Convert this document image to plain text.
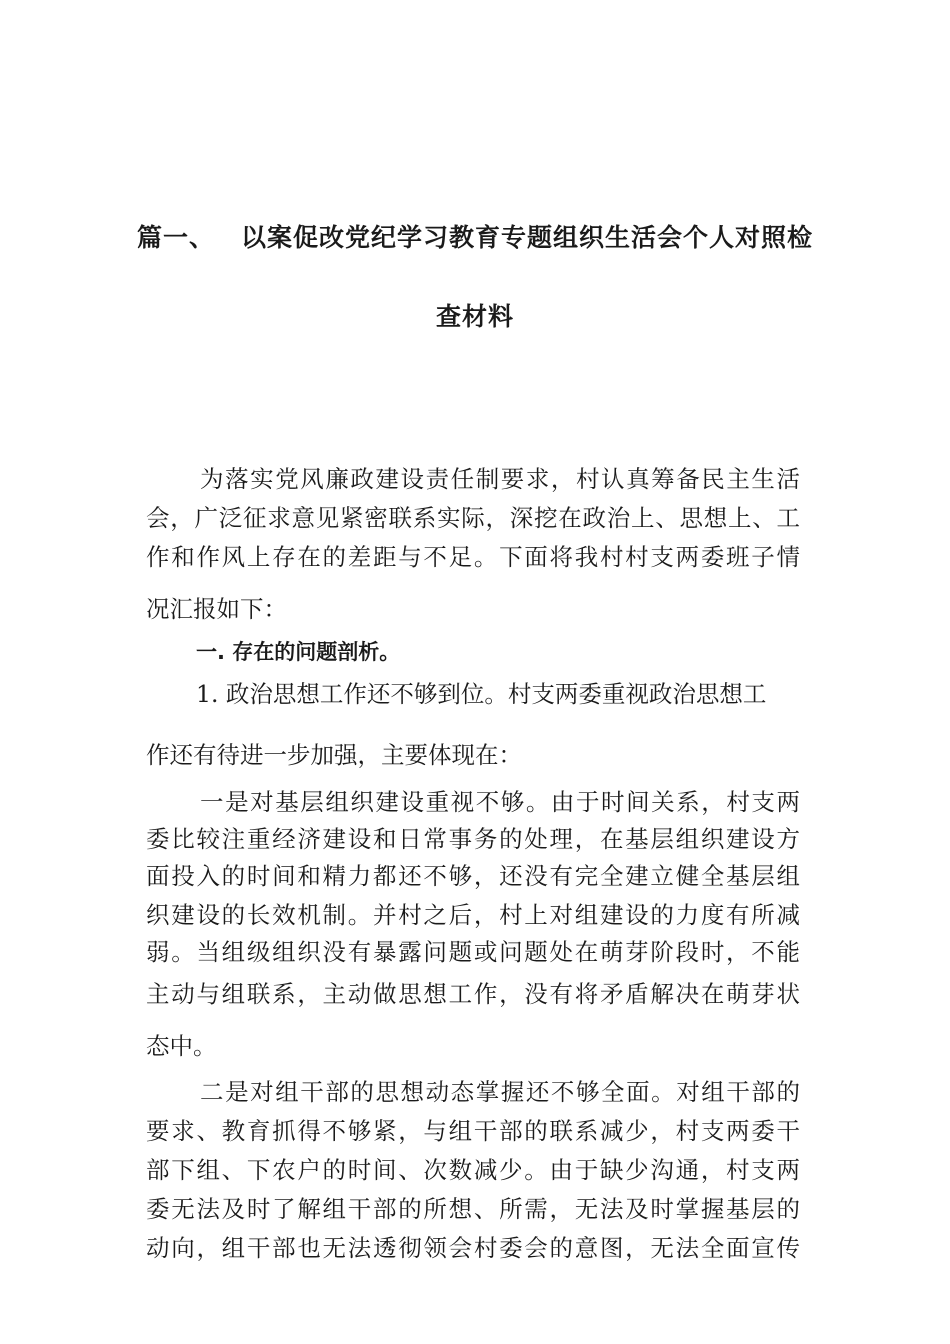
篇一、 以案促改党纪学习教育专题组织生活会个人对照检
查材料
为落实党风廉政建设责任制要求，村认真筹备民主生活
会，广泛征求意见紧密联系实际，深挖在政治上、思想上、工
作和作风上存在的差距与不足。下面将我村村支两委班子情
况汇报如下：
一. 存在的问题剖析。
1. 政治思想工作还不够到位。村支两委重视政治思想工
作还有待进一步加强，主要体现在：
一是对基层组织建设重视不够。由于时间关系，村支两
委比较注重经济建设和日常事务的处理，在基层组织建设方
面投入的时间和精力都还不够，还没有完全建立健全基层组
织建设的长效机制。并村之后，村上对组建设的力度有所减
弱。当组级组织没有暴露问题或问题处在萌芽阶段时，不能
主动与组联系，主动做思想工作，没有将矛盾解决在萌芽状
态中。
二是对组干部的思想动态掌握还不够全面。对组干部的
要求、教育抓得不够紧，与组干部的联系减少，村支两委干
部下组、下农户的时间、次数减少。由于缺少沟通，村支两
委无法及时了解组干部的所想、所需，无法及时掌握基层的
动向，组干部也无法透彻领会村委会的意图，无法全面宣传
